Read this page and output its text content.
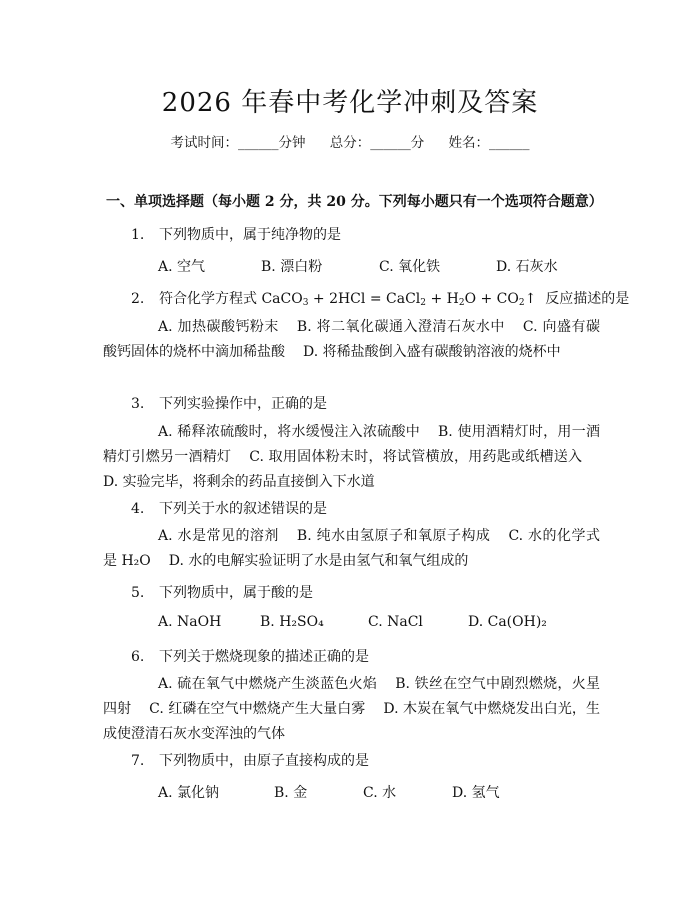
2026 年春中考化学冲刺及答案
考试时间：______分钟 总分：______分 姓名：______
一、单项选择题（每小题 2 分，共 20 分。下列每小题只有一个选项符合题意）
1. 下列物质中，属于纯净物的是
A. 空气	B. 漂白粉	C. 氧化铁	D. 石灰水
2. 符合化学方程式 CaCO$_3$ + 2HCl = CaCl$_2$ + $H_2O$ + $CO_2↑$  反应描述的是
A. 加热碳酸钙粉末 B. 将二氧化碳通入澄清石灰水中 C. 向盛有碳酸钙固体的烧杯中滴加稀盐酸 D. 将稀盐酸倒入盛有碳酸钠溶液的烧杯中
3. 下列实验操作中，正确的是
A. 稀释浓硫酸时，将水缓慢注入浓硫酸中 B. 使用酒精灯时，用一酒精灯引燃另一酒精灯 C. 取用固体粉末时，将试管横放，用药匙或纸槽送入D. 实验完毕，将剩余的药品直接倒入下水道
4. 下列关于水的叙述错误的是
A. 水是常见的溶剂 B. 纯水由氢原子和氧原子构成 C. 水的化学式是 H₂O D. 水的电解实验证明了水是由氢气和氧气组成的
5. 下列物质中，属于酸的是
A. NaOH	B. H₂SO₄	C. NaCl	D. Ca(OH)₂
6. 下列关于燃烧现象的描述正确的是
A. 硫在氧气中燃烧产生淡蓝色火焰 B. 铁丝在空气中剧烈燃烧，火星四射 C. 红磷在空气中燃烧产生大量白雾 D. 木炭在氧气中燃烧发出白光，生成使澄清石灰水变浑浊的气体
7. 下列物质中，由原子直接构成的是
A. 氯化钠	B. 金	C. 水	D. 氢气
